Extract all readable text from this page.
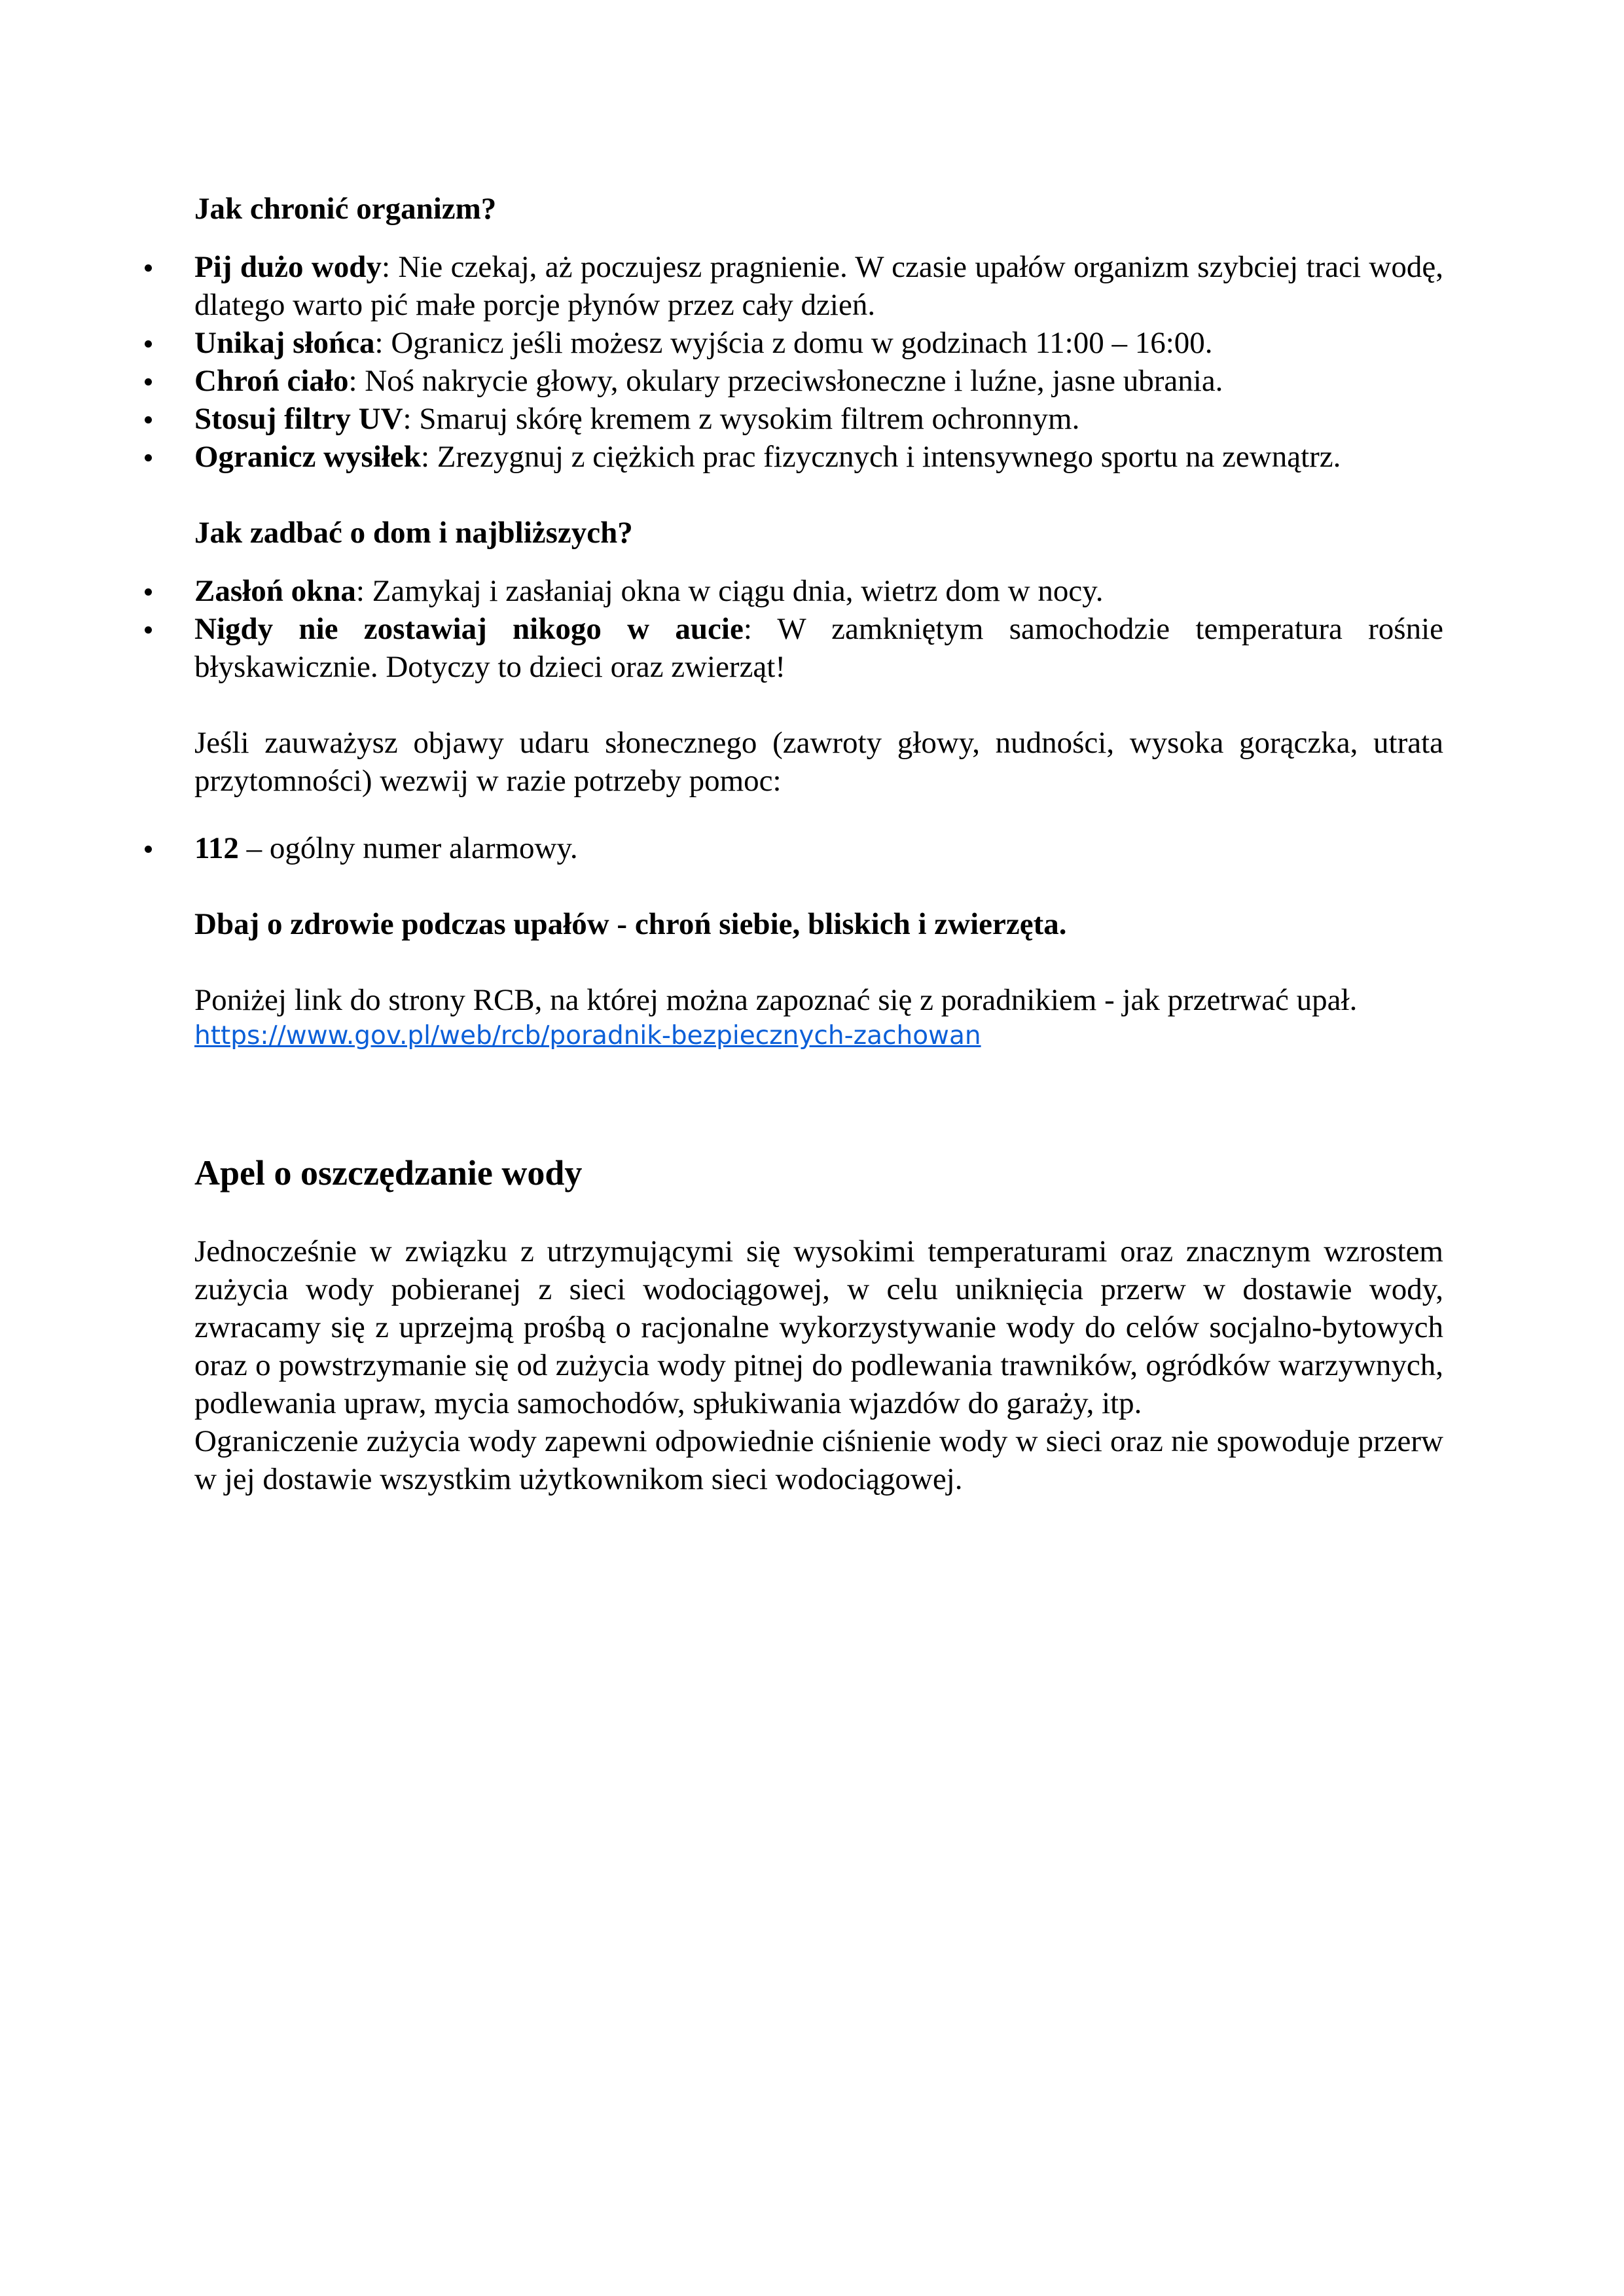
Jak chronić organizm?

Pij dużo wody: Nie czekaj, aż poczujesz pragnienie. W czasie upałów organizm szybciej traci wodę, dlatego warto pić małe porcje płynów przez cały dzień.
Unikaj słońca: Ogranicz jeśli możesz wyjścia z domu w godzinach 11:00 – 16:00.
Chroń ciało: Noś nakrycie głowy, okulary przeciwsłoneczne i luźne, jasne ubrania.
Stosuj filtry UV: Smaruj skórę kremem z wysokim filtrem ochronnym.
Ogranicz wysiłek: Zrezygnuj z ciężkich prac fizycznych i intensywnego sportu na zewnątrz.

Jak zadbać o dom i najbliższych?

Zasłoń okna: Zamykaj i zasłaniaj okna w ciągu dnia, wietrz dom w nocy.
Nigdy nie zostawiaj nikogo w aucie: W zamkniętym samochodzie temperatura rośnie błyskawicznie. Dotyczy to dzieci oraz zwierząt!

Jeśli zauważysz objawy udaru słonecznego (zawroty głowy, nudności, wysoka gorączka, utrata przytomności) wezwij w razie potrzeby pomoc:

112 – ogólny numer alarmowy.

Dbaj o zdrowie podczas upałów - chroń siebie, bliskich i zwierzęta.

Poniżej link do strony RCB, na której można zapoznać się z poradnikiem - jak przetrwać upał.

https://www.gov.pl/web/rcb/poradnik-bezpiecznych-zachowan

Apel o oszczędzanie wody

Jednocześnie w związku z utrzymującymi się wysokimi temperaturami oraz znacznym wzrostem zużycia wody pobieranej z sieci wodociągowej, w celu uniknięcia przerw w dostawie wody, zwracamy się z uprzejmą prośbą o racjonalne wykorzystywanie wody do celów socjalno-bytowych oraz o powstrzymanie się od zużycia wody pitnej do podlewania trawników, ogródków warzywnych, podlewania upraw, mycia samochodów, spłukiwania wjazdów do garaży, itp.

Ograniczenie zużycia wody zapewni odpowiednie ciśnienie wody w sieci oraz nie spowoduje przerw w jej dostawie wszystkim użytkownikom sieci wodociągowej.
